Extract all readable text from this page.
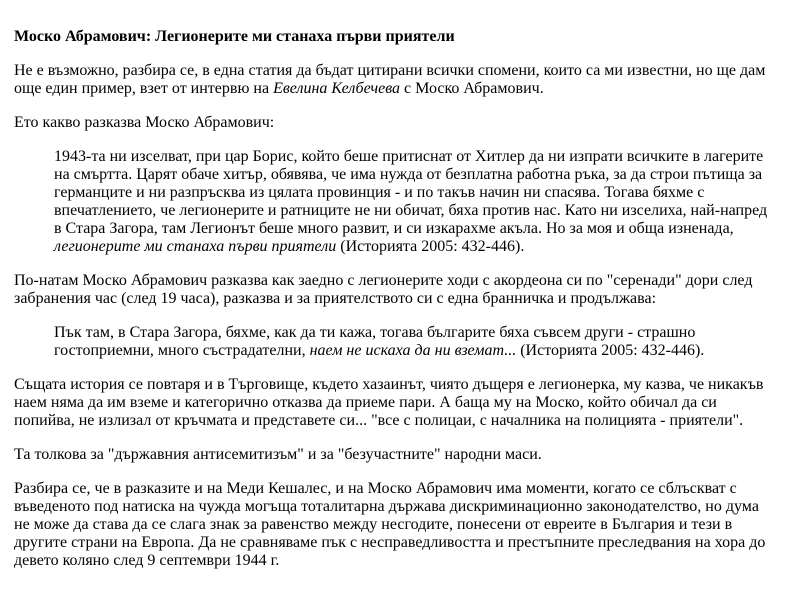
Моско Абрамович: Легионерите ми станаха първи приятели

Не е възможно, разбира се, в една статия да бъдат цитирани всички спомени, които са ми известни, но ще дам още един пример, взет от интервю на Евелина Келбечева с Моско Абрамович.

Ето какво разказва Моско Абрамович:

1943-та ни изселват, при цар Борис, който беше притиснат от Хитлер да ни изпрати всичките в лагерите на смъртта. Царят обаче хитър, обявява, че има нужда от безплатна работна ръка, за да строи пътища за германците и ни разпръсква из цялата провинция - и по такъв начин ни спасява. Тогава бяхме с впечатлението, че легионерите и ратниците не ни обичат, бяха против нас. Като ни изселиха, най-напред в Стара Загора, там Легионът беше много развит, и си изкарахме акъла. Но за моя и обща изненада, легионерите ми станаха първи приятели (Историята 2005: 432-446).

По-натам Моско Абрамович разказва как заедно с легионерите ходи с акордеона си по "серенади" дори след забранения час (след 19 часа), разказва и за приятелството си с една бранничка и продължава:

Пък там, в Стара Загора, бяхме, как да ти кажа, тогава българите бяха съвсем други - страшно гостоприемни, много състрадателни, наем не искаха да ни вземат... (Историята 2005: 432-446).

Същата история се повтаря и в Търговище, където хазаинът, чиято дъщеря е легионерка, му казва, че никакъв наем няма да им вземе и категорично отказва да приеме пари. А баща му на Моско, който обичал да си попийва, не излизал от кръчмата и представете си... "все с полицаи, с началника на полицията - приятели".

Та толкова за "държавния антисемитизъм" и за "безучастните" народни маси.

Разбира се, че в разказите и на Меди Кешалес, и на Моско Абрамович има моменти, когато се сблъскват с въведеното под натиска на чужда могъща тоталитарна държава дискриминационно законодателство, но дума не може да става да се слага знак за равенство между несгодите, понесени от евреите в България и тези в другите страни на Европа. Да не сравняваме пък с несправедливостта и престъпните преследвания на хора до девето коляно след 9 септември 1944 г.
